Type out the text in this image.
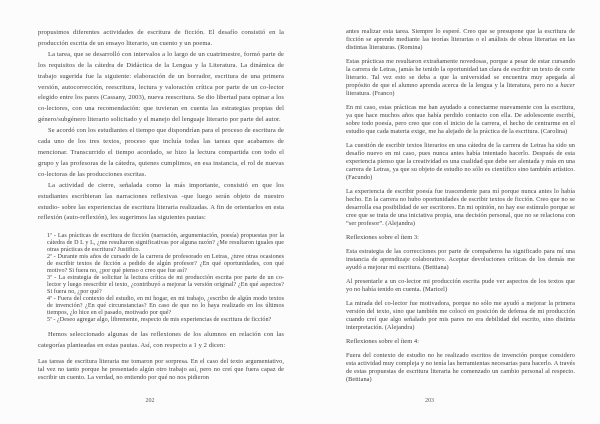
propusimos diferentes actividades de escritura de ficción. El desafío consistió en la producción escrita de un ensayo literario, un cuento y un poema.

La tarea, que se desarrolló con intervalos a lo largo de un cuatrimestre, formó parte de los requisitos de la cátedra de Didáctica de la Lengua y la Literatura. La dinámica de trabajo sugerida fue la siguiente: elaboración de un borrador, escritura de una primera versión, autocorrección, reescritura, lectura y valoración crítica por parte de un co-lector elegido entre los pares (Cassany, 2003), nueva reescritura. Se dio libertad para opinar a los co-lectores, con una recomendación: que tuvieran en cuenta las estrategias propias del género/subgénero literario solicitado y el manejo del lenguaje literario por parte del autor.

Se acordó con los estudiantes el tiempo que dispondrían para el proceso de escritura de cada uno de los tres textos, proceso que incluía todas las tareas que acabamos de mencionar. Transcurrido el tiempo acordado, se hizo la lectura compartida con todo el grupo y las profesoras de la cátedra, quienes cumplimos, en esa instancia, el rol de nuevas co-lectoras de las producciones escritas.

La actividad de cierre, señalada como la más importante, consistió en que los estudiantes escribieran las narraciones reflexivas -que luego serán objeto de nuestro estudio- sobre las experiencias de escritura literaria realizadas. A fin de orientarlos en esta reflexión (auto-reflexión), les sugerimos las siguientes pautas:

1ª - Las prácticas de escritura de ficción (narración, argumentación, poesía) propuestas por la cátedra de D L y L, ¿me resultaron significativas por alguna razón? ¿Me resultaron iguales que otras prácticas de escritura? Justifico.

2ª - Durante mis años de cursado de la carrera de profesorado en Letras, ¿tuve otras ocasiones de escribir textos de ficción a pedido de algún profesor? ¿En qué oportunidades, con qué motivo? Si fuera no, ¿por qué pienso o creo que fue así?

3ª - La estrategia de solicitar la lectura crítica de mi producción escrita por parte de un co-lector y luego reescribir el texto, ¿contribuyó a mejorar la versión original? ¿En qué aspectos? Si fuera no, ¿por qué?

4ª - Fuera del contexto del estudio, en mi hogar, en mi trabajo, ¿escribo de algún modo textos de invención? ¿En qué circunstancias? En caso de que no lo haya realizado en los últimos tiempos, ¿lo hice en el pasado, motivado por qué?

5ª - ¿Deseo agregar algo, libremente, respecto de mis experiencias de escritura de ficción?

Hemos seleccionado algunas de las reflexiones de los alumnos en relación con las categorías planteadas en estas pautas. Así, con respecto a 1 y 2 dicen:

Las tareas de escritura literaria me tomaron por sorpresa. En el caso del texto argumentativo, tal vez no tanto porque he presentado algún otro trabajo así, pero no creí que fuera capaz de escribir un cuento. La verdad, no entiendo por qué no nos pidieron

antes realizar esta tarea. Siempre lo esperé. Creo que se presupone que la escritura de ficción se aprende mediante las teorías literarias o el análisis de obras literarias en las distintas literaturas. (Romina)

Estas prácticas me resultaron extrañamente novedosas, porque a pesar de estar cursando la carrera de Letras, jamás he tenido la oportunidad tan clara de escribir un texto de corte literario. Tal vez esto se deba a que la universidad se encuentra muy apegada al propósito de que el alumno aprenda acerca de la lengua y la literatura, pero no a hacer literatura. (Franco)

En mi caso, estas prácticas me han ayudado a conectarme nuevamente con la escritura, ya que hace muchos años que había perdido contacto con ella. De adolescente escribí, sobre todo poesía, pero creo que con el inicio de la carrera, el hecho de centrarme en el estudio que cada materia exige, me ha alejado de la práctica de la escritura. (Carolina)

La cuestión de escribir textos literarios en una cátedra de la carrera de Letras ha sido un desafío nuevo en mi caso, pues nunca antes había intentado hacerlo. Después de esta experiencia pienso que la creatividad es una cualidad que debe ser alentada y más en una carrera de Letras, ya que su objeto de estudio no sólo es científico sino también artístico. (Facundo)

La experiencia de escribir poesía fue trascendente para mí porque nunca antes lo había hecho. En la carrera no hubo oportunidades de escribir textos de ficción. Creo que no se desarrolla esa posibilidad de ser escritores. En mi opinión, no hay ese estímulo porque se cree que se trata de una iniciativa propia, una decisión personal, que no se relaciona con “ser profesor”. (Alejandra)

Reflexiones sobre el ítem 3:

Esta estrategia de las correcciones por parte de compañeros ha significado para mí una instancia de aprendizaje colaborativo. Aceptar devoluciones críticas de los demás me ayudó a mejorar mi escritura. (Bettiana)

Al presentarle a un co-lector mi producción escrita pude ver aspectos de los textos que yo no había tenido en cuenta. (Maricel)

La mirada del co-lector fue motivadora, porque no sólo me ayudó a mejorar la primera versión del texto, sino que también me colocó en posición de defensa de mi producción cuando creí que algo señalado por mis pares no era debilidad del escrito, sino distinta interpretación. (Alejandra)

Reflexiones sobre el ítem 4:

Fuera del contexto de estudio no he realizado escritos de invención porque considero esta actividad muy compleja y no tenía las herramientas necesarias para hacerlo. A través de estas propuestas de escritura literaria he comenzado un cambio personal al respecto. (Bettiana)

202	203
